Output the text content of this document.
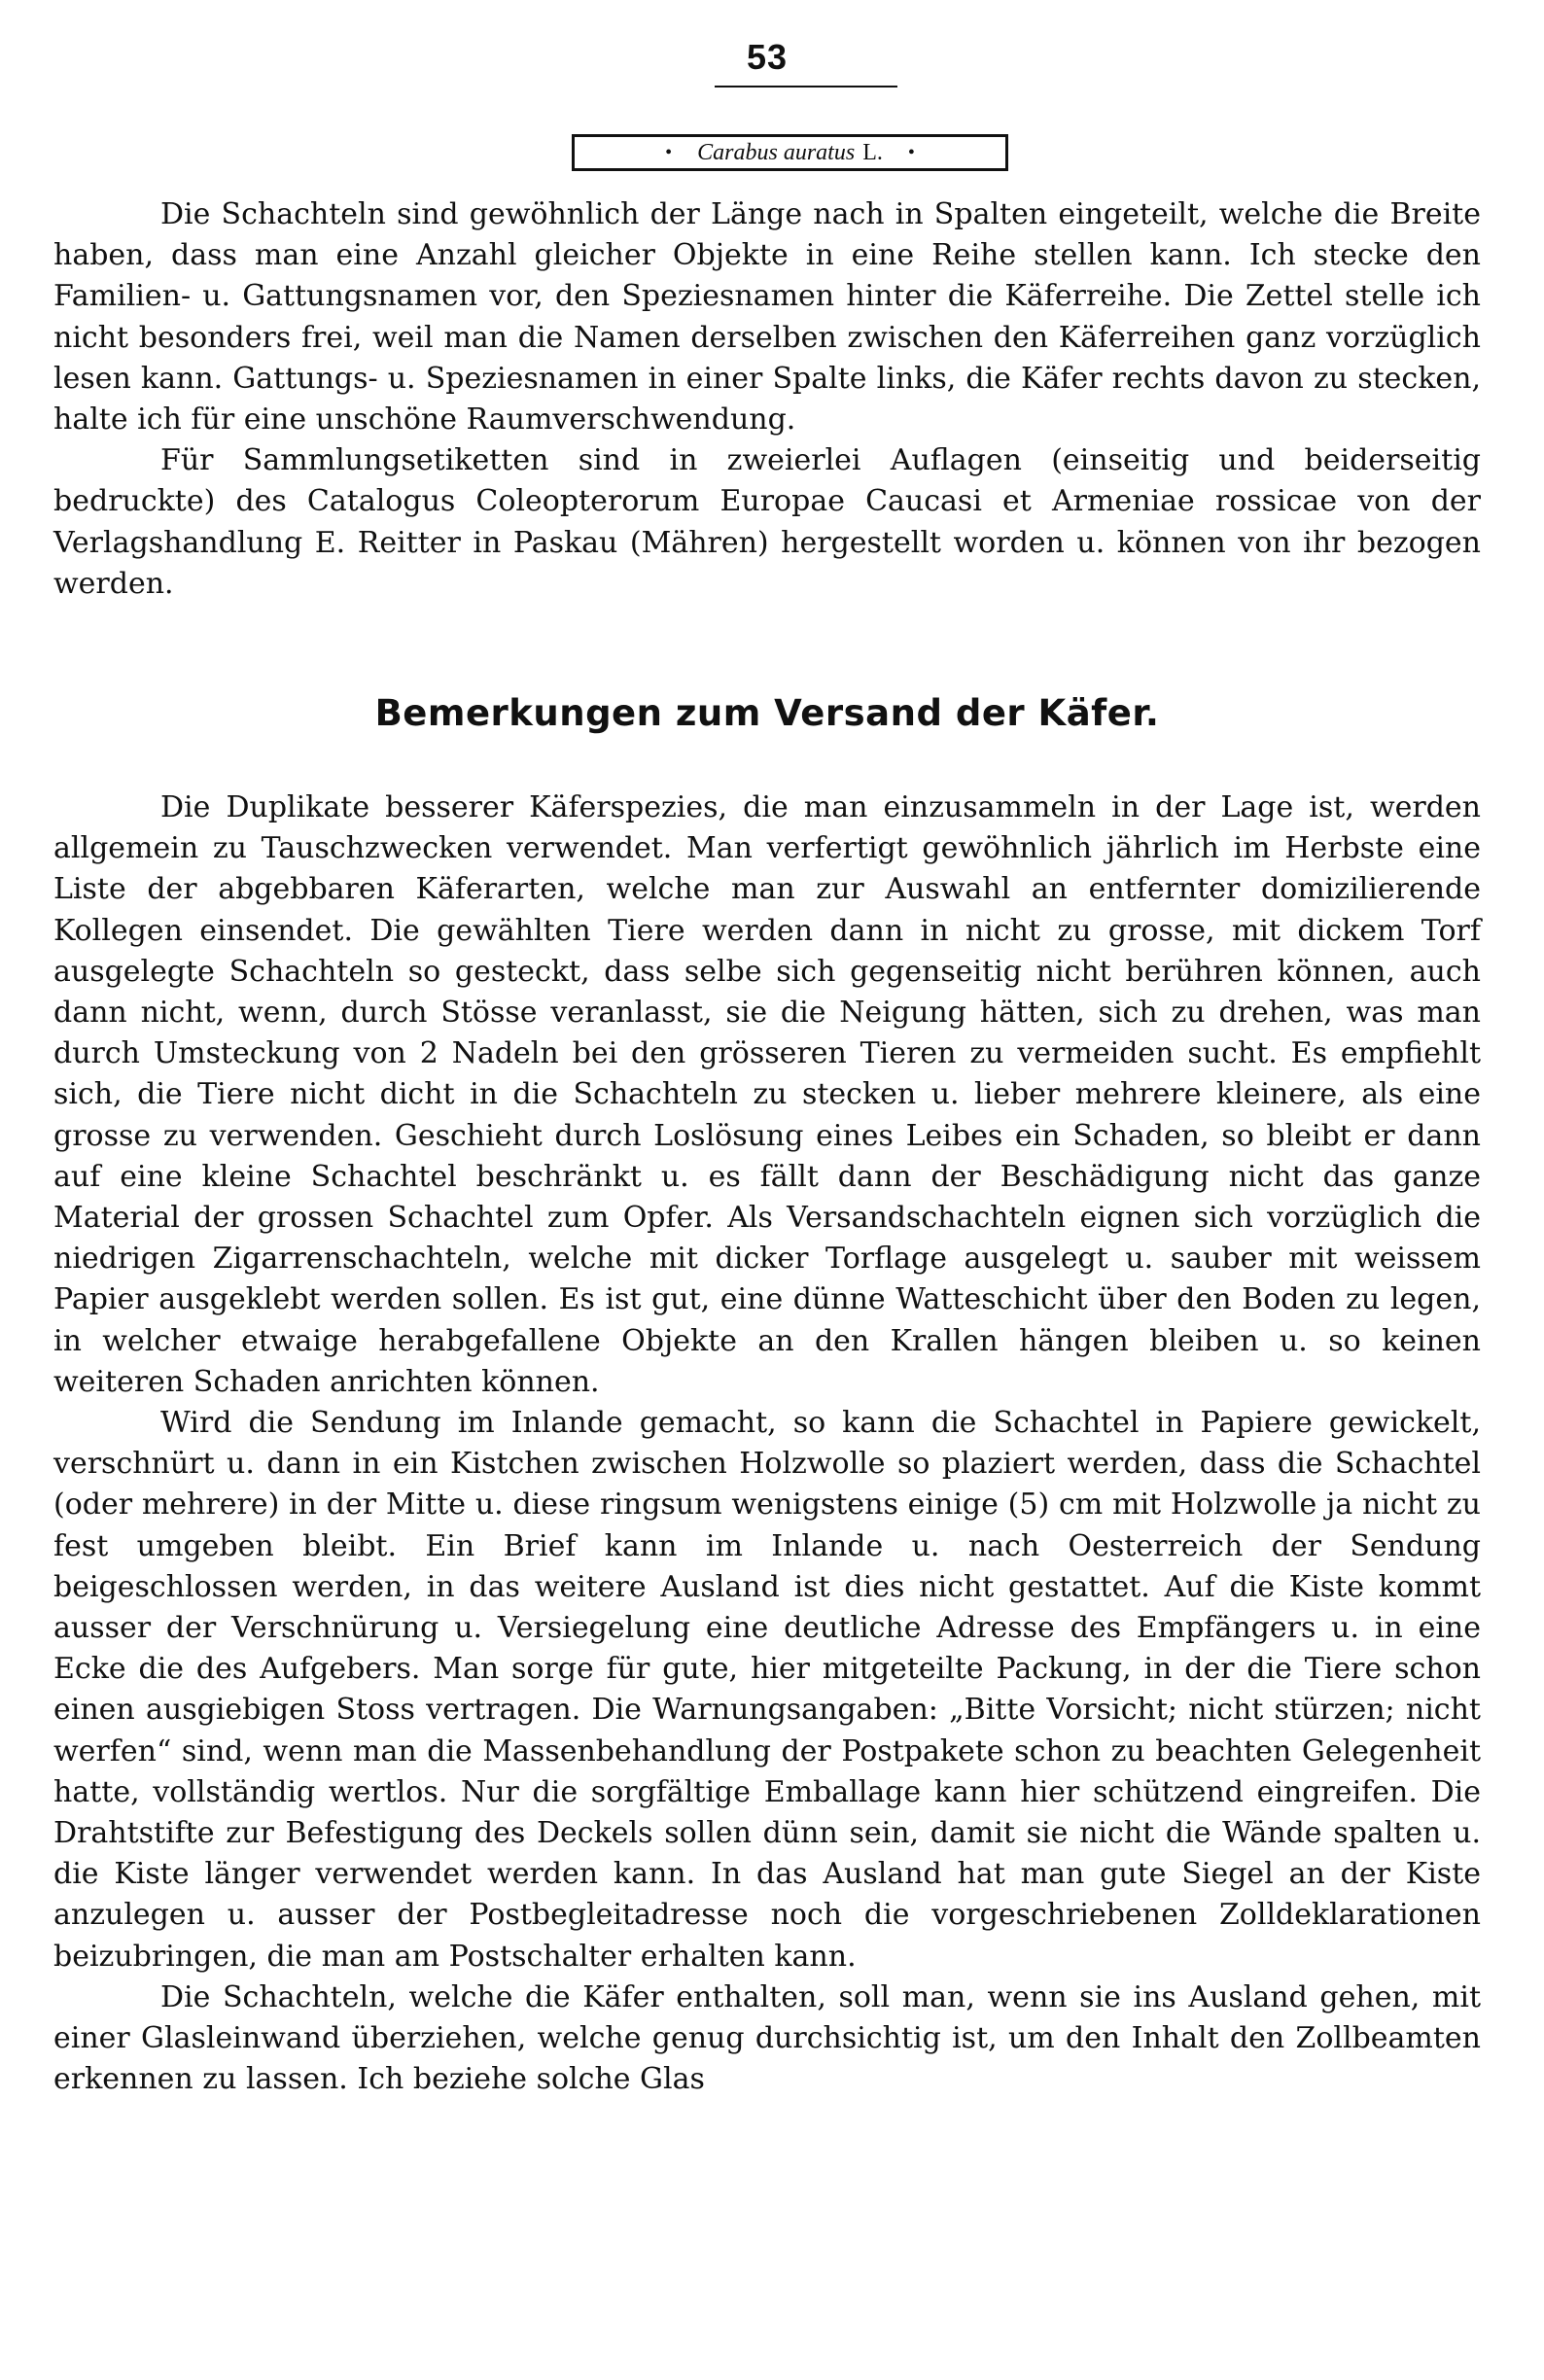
53
• Carabus auratus L. •

Die Schachteln sind gewöhnlich der Länge nach in Spalten eingeteilt, welche die Breite haben, dass man eine Anzahl gleicher Objekte in eine Reihe stellen kann. Ich stecke den Familien- u. Gattungsnamen vor, den Speziesnamen hinter die Käferreihe. Die Zettel stelle ich nicht besonders frei, weil man die Namen derselben zwischen den Käferreihen ganz vorzüglich lesen kann. Gattungs- u. Speziesnamen in einer Spalte links, die Käfer rechts davon zu stecken, halte ich für eine unschöne Raumverschwendung.

Für Sammlungsetiketten sind in zweierlei Auflagen (einseitig und beiderseitig bedruckte) des Catalogus Coleopterorum Europae Caucasi et Armeniae rossicae von der Verlagshandlung E. Reitter in Paskau (Mähren) hergestellt worden u. können von ihr bezogen werden.

Bemerkungen zum Versand der Käfer.

Die Duplikate besserer Käferspezies, die man einzusammeln in der Lage ist, werden allgemein zu Tauschzwecken verwendet. Man verfertigt gewöhnlich jährlich im Herbste eine Liste der abgebbaren Käferarten, welche man zur Auswahl an entfernter domizilierende Kollegen einsendet. Die gewählten Tiere werden dann in nicht zu grosse, mit dickem Torf ausgelegte Schachteln so gesteckt, dass selbe sich gegenseitig nicht berühren können, auch dann nicht, wenn, durch Stösse veranlasst, sie die Neigung hätten, sich zu drehen, was man durch Umsteckung von 2 Nadeln bei den grösseren Tieren zu vermeiden sucht. Es empfiehlt sich, die Tiere nicht dicht in die Schachteln zu stecken u. lieber mehrere kleinere, als eine grosse zu verwenden. Geschieht durch Loslösung eines Leibes ein Schaden, so bleibt er dann auf eine kleine Schachtel beschränkt u. es fällt dann der Beschädigung nicht das ganze Material der grossen Schachtel zum Opfer. Als Versandschachteln eignen sich vorzüglich die niedrigen Zigarrenschachteln, welche mit dicker Torflage ausgelegt u. sauber mit weissem Papier ausgeklebt werden sollen. Es ist gut, eine dünne Watteschicht über den Boden zu legen, in welcher etwaige herabgefallene Objekte an den Krallen hängen bleiben u. so keinen weiteren Schaden anrichten können.

Wird die Sendung im Inlande gemacht, so kann die Schachtel in Papiere gewickelt, verschnürt u. dann in ein Kistchen zwischen Holzwolle so plaziert werden, dass die Schachtel (oder mehrere) in der Mitte u. diese ringsum wenigstens einige (5) cm mit Holzwolle ja nicht zu fest umgeben bleibt. Ein Brief kann im Inlande u. nach Oesterreich der Sendung beigeschlossen werden, in das weitere Ausland ist dies nicht gestattet. Auf die Kiste kommt ausser der Verschnürung u. Versiegelung eine deutliche Adresse des Empfängers u. in eine Ecke die des Aufgebers. Man sorge für gute, hier mitgeteilte Packung, in der die Tiere schon einen ausgiebigen Stoss vertragen. Die Warnungsangaben: „Bitte Vorsicht; nicht stürzen; nicht werfen“ sind, wenn man die Massenbehandlung der Postpakete schon zu beachten Gelegenheit hatte, vollständig wertlos. Nur die sorgfältige Emballage kann hier schützend eingreifen. Die Drahtstifte zur Befestigung des Deckels sollen dünn sein, damit sie nicht die Wände spalten u. die Kiste länger verwendet werden kann. In das Ausland hat man gute Siegel an der Kiste anzulegen u. ausser der Postbegleitadresse noch die vorgeschriebenen Zolldeklarationen beizubringen, die man am Postschalter erhalten kann.

Die Schachteln, welche die Käfer enthalten, soll man, wenn sie ins Ausland gehen, mit einer Glasleinwand überziehen, welche genug durchsichtig ist, um den Inhalt den Zollbeamten erkennen zu lassen. Ich beziehe solche Glas
